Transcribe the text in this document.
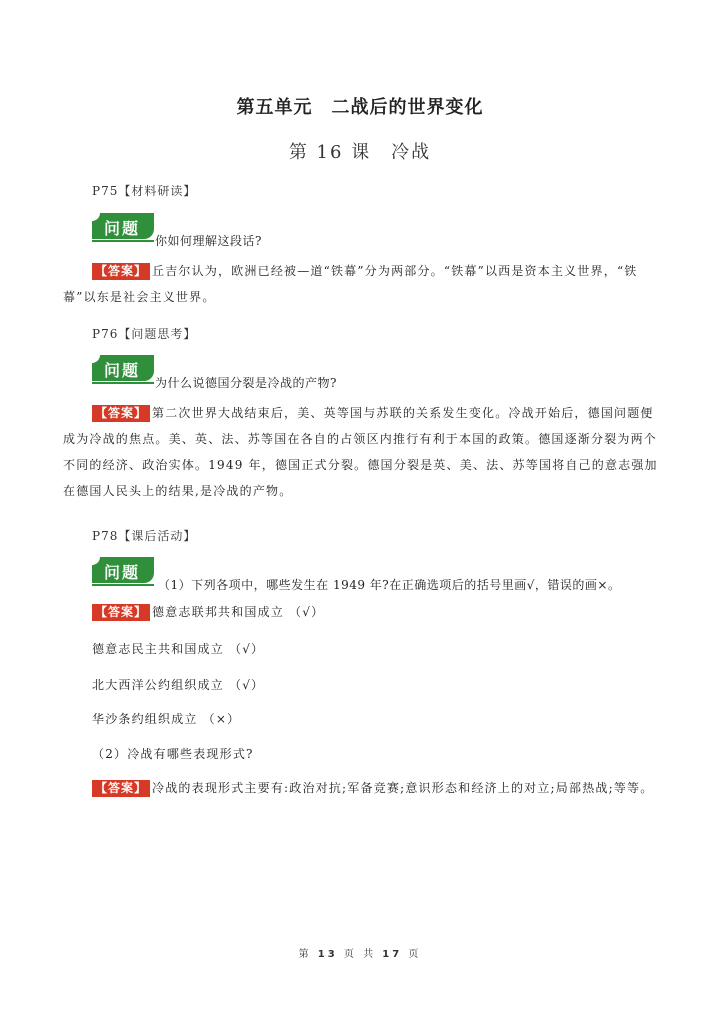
第五单元　二战后的世界变化
第 16 课　冷战
P75【材料研读】
问题
你如何理解这段话?
【答案】 丘吉尔认为，欧洲已经被—道“铁幕”分为两部分。“铁幕”以西是资本主义世界，“铁幕”以东是社会主义世界。
P76【问题思考】
问题
为什么说德国分裂是冷战的产物?
【答案】 第二次世界大战结束后，美、英等国与苏联的关系发生变化。冷战开始后，德国问题便成为冷战的焦点。美、英、法、苏等国在各自的占领区内推行有利于本国的政策。德国逐渐分裂为两个不同的经济、政治实体。1949 年，德国正式分裂。德国分裂是英、美、法、苏等国将自己的意志强加在德国人民头上的结果,是冷战的产物。
P78【课后活动】
问题
（1）下列各项中，哪些发生在 1949 年?在正确选项后的括号里画√，错误的画×。
【答案】 德意志联邦共和国成立 （√）
德意志民主共和国成立 （√）
北大西洋公约组织成立 （√）
华沙条约组织成立 （×）
（2）冷战有哪些表现形式?
【答案】 冷战的表现形式主要有:政治对抗;军备竞赛;意识形态和经济上的对立;局部热战;等等。
第 13 页 共 17 页
